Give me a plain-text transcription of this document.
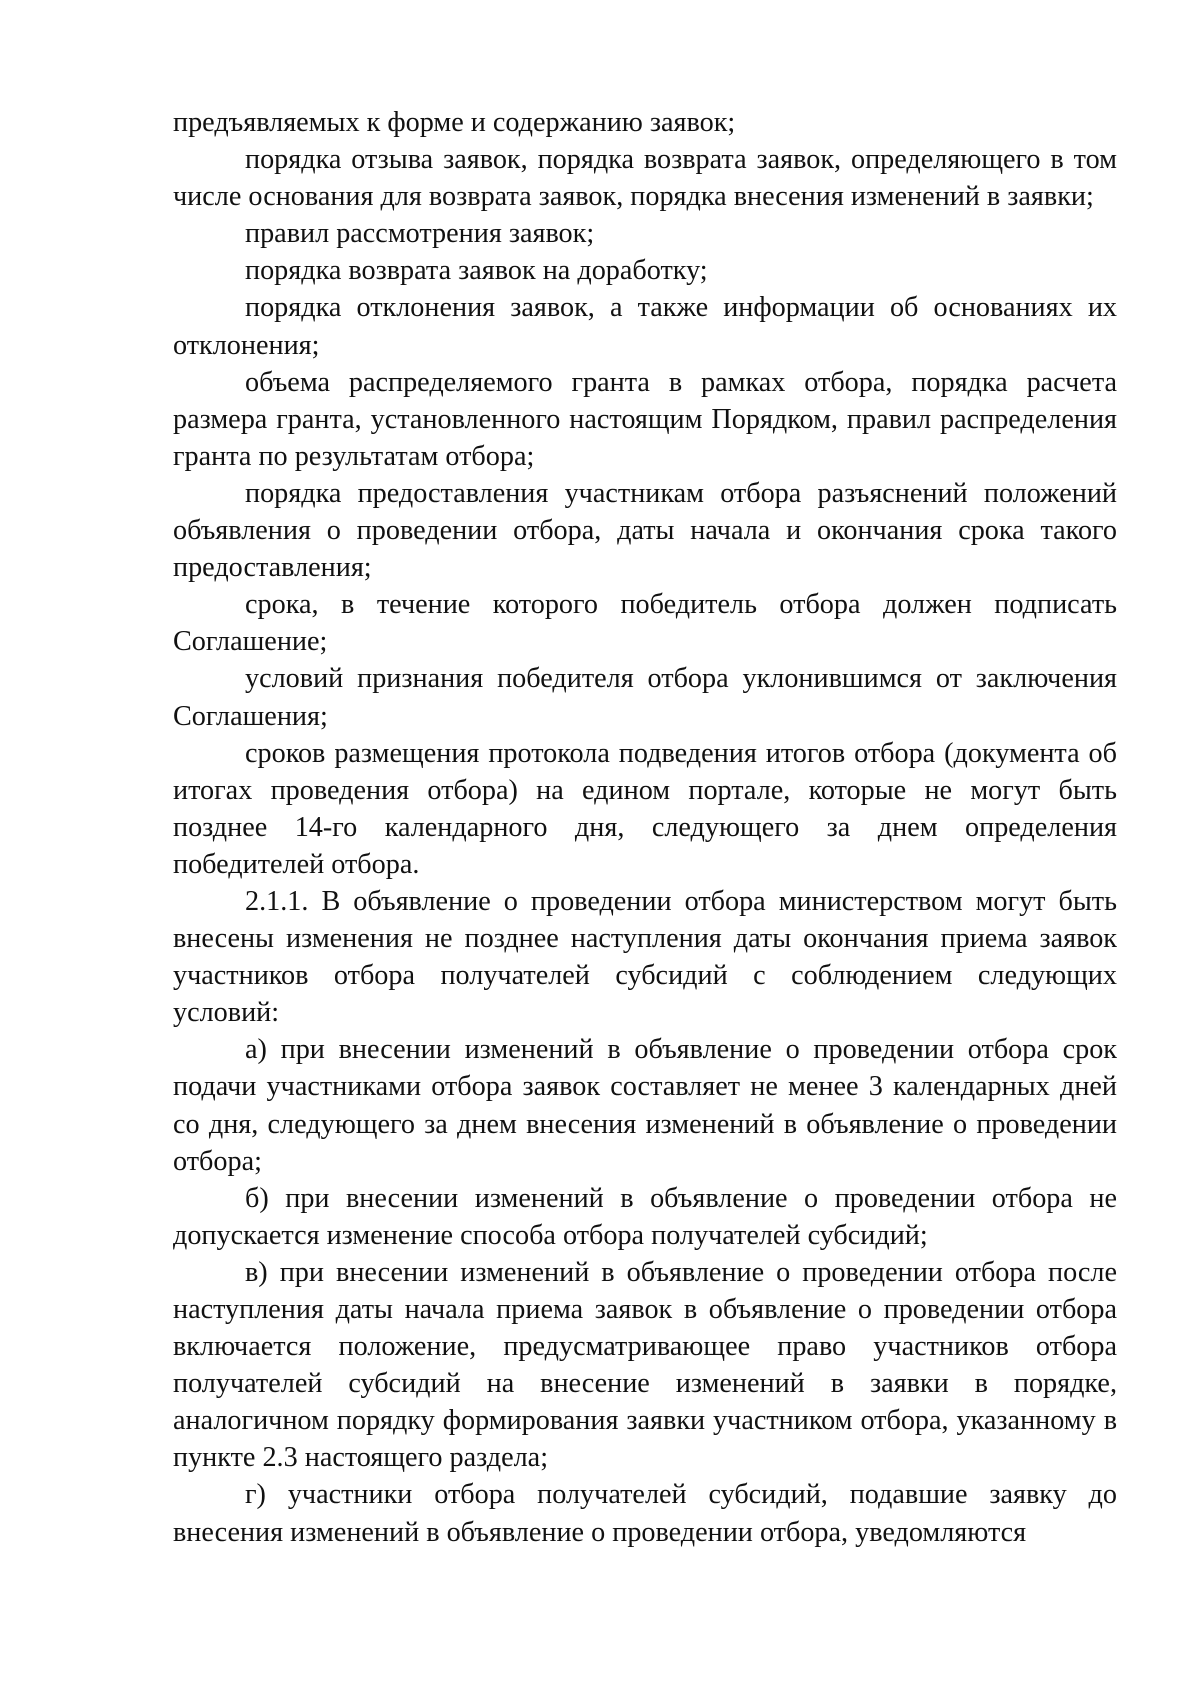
предъявляемых к форме и содержанию заявок;

порядка отзыва заявок, порядка возврата заявок, определяющего в том числе основания для возврата заявок, порядка внесения изменений в заявки;

правил рассмотрения заявок;

порядка возврата заявок на доработку;

порядка отклонения заявок, а также информации об основаниях их отклонения;

объема распределяемого гранта в рамках отбора, порядка расчета размера гранта, установленного настоящим Порядком, правил распределения гранта по результатам отбора;

порядка предоставления участникам отбора разъяснений положений объявления о проведении отбора, даты начала и окончания срока такого предоставления;

срока, в течение которого победитель отбора должен подписать Соглашение;

условий признания победителя отбора уклонившимся от заключения Соглашения;

сроков размещения протокола подведения итогов отбора (документа об итогах проведения отбора) на едином портале, которые не могут быть позднее 14-го календарного дня, следующего за днем определения победителей отбора.

2.1.1. В объявление о проведении отбора министерством могут быть внесены изменения не позднее наступления даты окончания приема заявок участников отбора получателей субсидий с соблюдением следующих условий:

а) при внесении изменений в объявление о проведении отбора срок подачи участниками отбора заявок составляет не менее 3 календарных дней со дня, следующего за днем внесения изменений в объявление о проведении отбора;

б) при внесении изменений в объявление о проведении отбора не допускается изменение способа отбора получателей субсидий;

в) при внесении изменений в объявление о проведении отбора после наступления даты начала приема заявок в объявление о проведении отбора включается положение, предусматривающее право участников отбора получателей субсидий на внесение изменений в заявки в порядке, аналогичном порядку формирования заявки участником отбора, указанному в пункте 2.3 настоящего раздела;

г) участники отбора получателей субсидий, подавшие заявку до внесения изменений в объявление о проведении отбора, уведомляются
